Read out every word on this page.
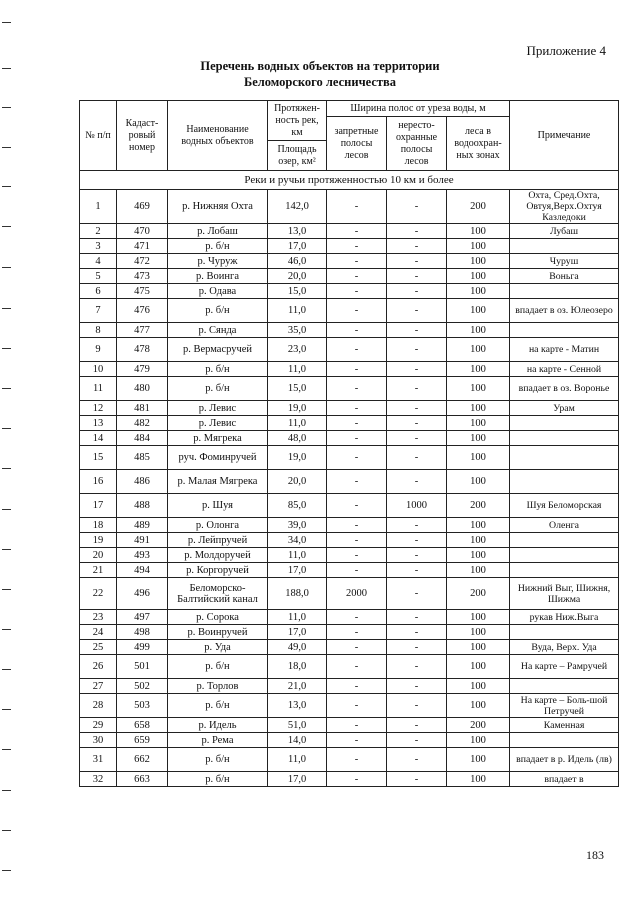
Приложение 4
Перечень водных объектов на территории
Беломорского лесничества
№ п/п	Кадаст-ровый номер	Наименование водных объектов	Протяжен-ность рек, км	Ширина полос от уреза воды, м			Примечание
				запретные полосы лесов	нересто-охранные полосы лесов	леса в водоохран-ных зонах	
			Площадь озер, км²				
Реки и ручьи протяженностью 10 км и более							
1	469	р. Нижняя Охта	142,0	-	-	200	Охта, Сред.Охта, Овтуя,Верх.Охтуя Казледоки
2	470	р. Лобаш	13,0	-	-	100	Лубаш
3	471	р. б/н	17,0	-	-	100	
4	472	р. Чуруж	46,0	-	-	100	Чуруш
5	473	р. Воинга	20,0	-	-	100	Воньга
6	475	р. Одава	15,0	-	-	100	
7	476	р. б/н	11,0	-	-	100	впадает в оз. Юлеозеро
8	477	р. Сянда	35,0	-	-	100	
9	478	р. Вермасручей	23,0	-	-	100	на карте - Матин
10	479	р. б/н	11,0	-	-	100	на карте - Сенной
11	480	р. б/н	15,0	-	-	100	впадает в оз. Воронье
12	481	р. Левис	19,0	-	-	100	Урам
13	482	р. Левис	11,0	-	-	100	
14	484	р. Мягрека	48,0	-	-	100	
15	485	руч. Фоминручей	19,0	-	-	100	
16	486	р. Малая Мягрека	20,0	-	-	100	
17	488	р. Шуя	85,0	-	1000	200	Шуя Беломорская
18	489	р. Олонга	39,0	-	-	100	Оленга
19	491	р. Лейпручей	34,0	-	-	100	
20	493	р. Молдоручей	11,0	-	-	100	
21	494	р. Коргоручей	17,0	-	-	100	
22	496	Беломорско-Балтийский канал	188,0	2000	-	200	Нижний Выг, Шижня, Шижма
23	497	р. Сорока	11,0	-	-	100	рукав Ниж.Выга
24	498	р. Воинручей	17,0	-	-	100	
25	499	р. Уда	49,0	-	-	100	Вуда, Верх. Уда
26	501	р. б/н	18,0	-	-	100	На карте – Рамручей
27	502	р. Торлов	21,0	-	-	100	
28	503	р. б/н	13,0	-	-	100	На карте – Боль-шой Петручей
29	658	р. Идель	51,0	-	-	200	Каменная
30	659	р. Рема	14,0	-	-	100	
31	662	р. б/н	11,0	-	-	100	впадает в р. Идель (лв)
32	663	р. б/н	17,0	-	-	100	впадает в
183
